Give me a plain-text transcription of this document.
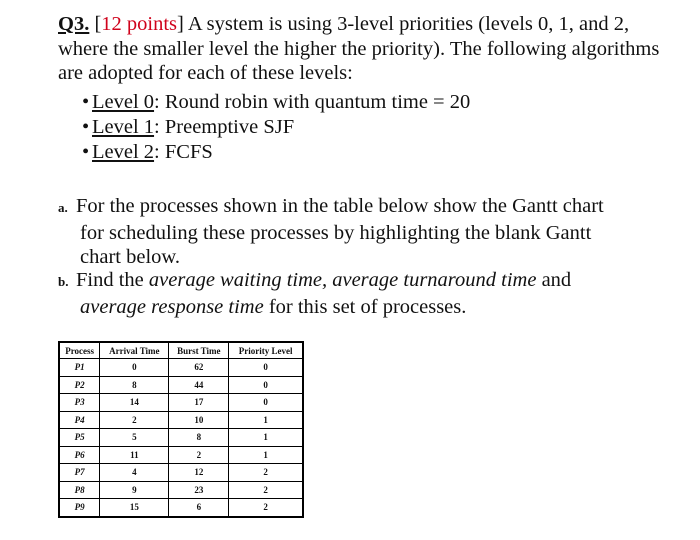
Q3. [12 points] A system is using 3-level priorities (levels 0, 1, and 2, where the smaller level the higher the priority). The following algorithms are adopted for each of these levels:
• Level 0: Round robin with quantum time = 20
• Level 1: Preemptive SJF
• Level 2: FCFS
a. For the processes shown in the table below show the Gantt chart
for scheduling these processes by highlighting the blank Gantt
chart below.
b. Find the average waiting time, average turnaround time and
average response time for this set of processes.
Process	Arrival Time	Burst Time	Priority Level
P1	0	62	0
P2	8	44	0
P3	14	17	0
P4	2	10	1
P5	5	8	1
P6	11	2	1
P7	4	12	2
P8	9	23	2
P9	15	6	2
